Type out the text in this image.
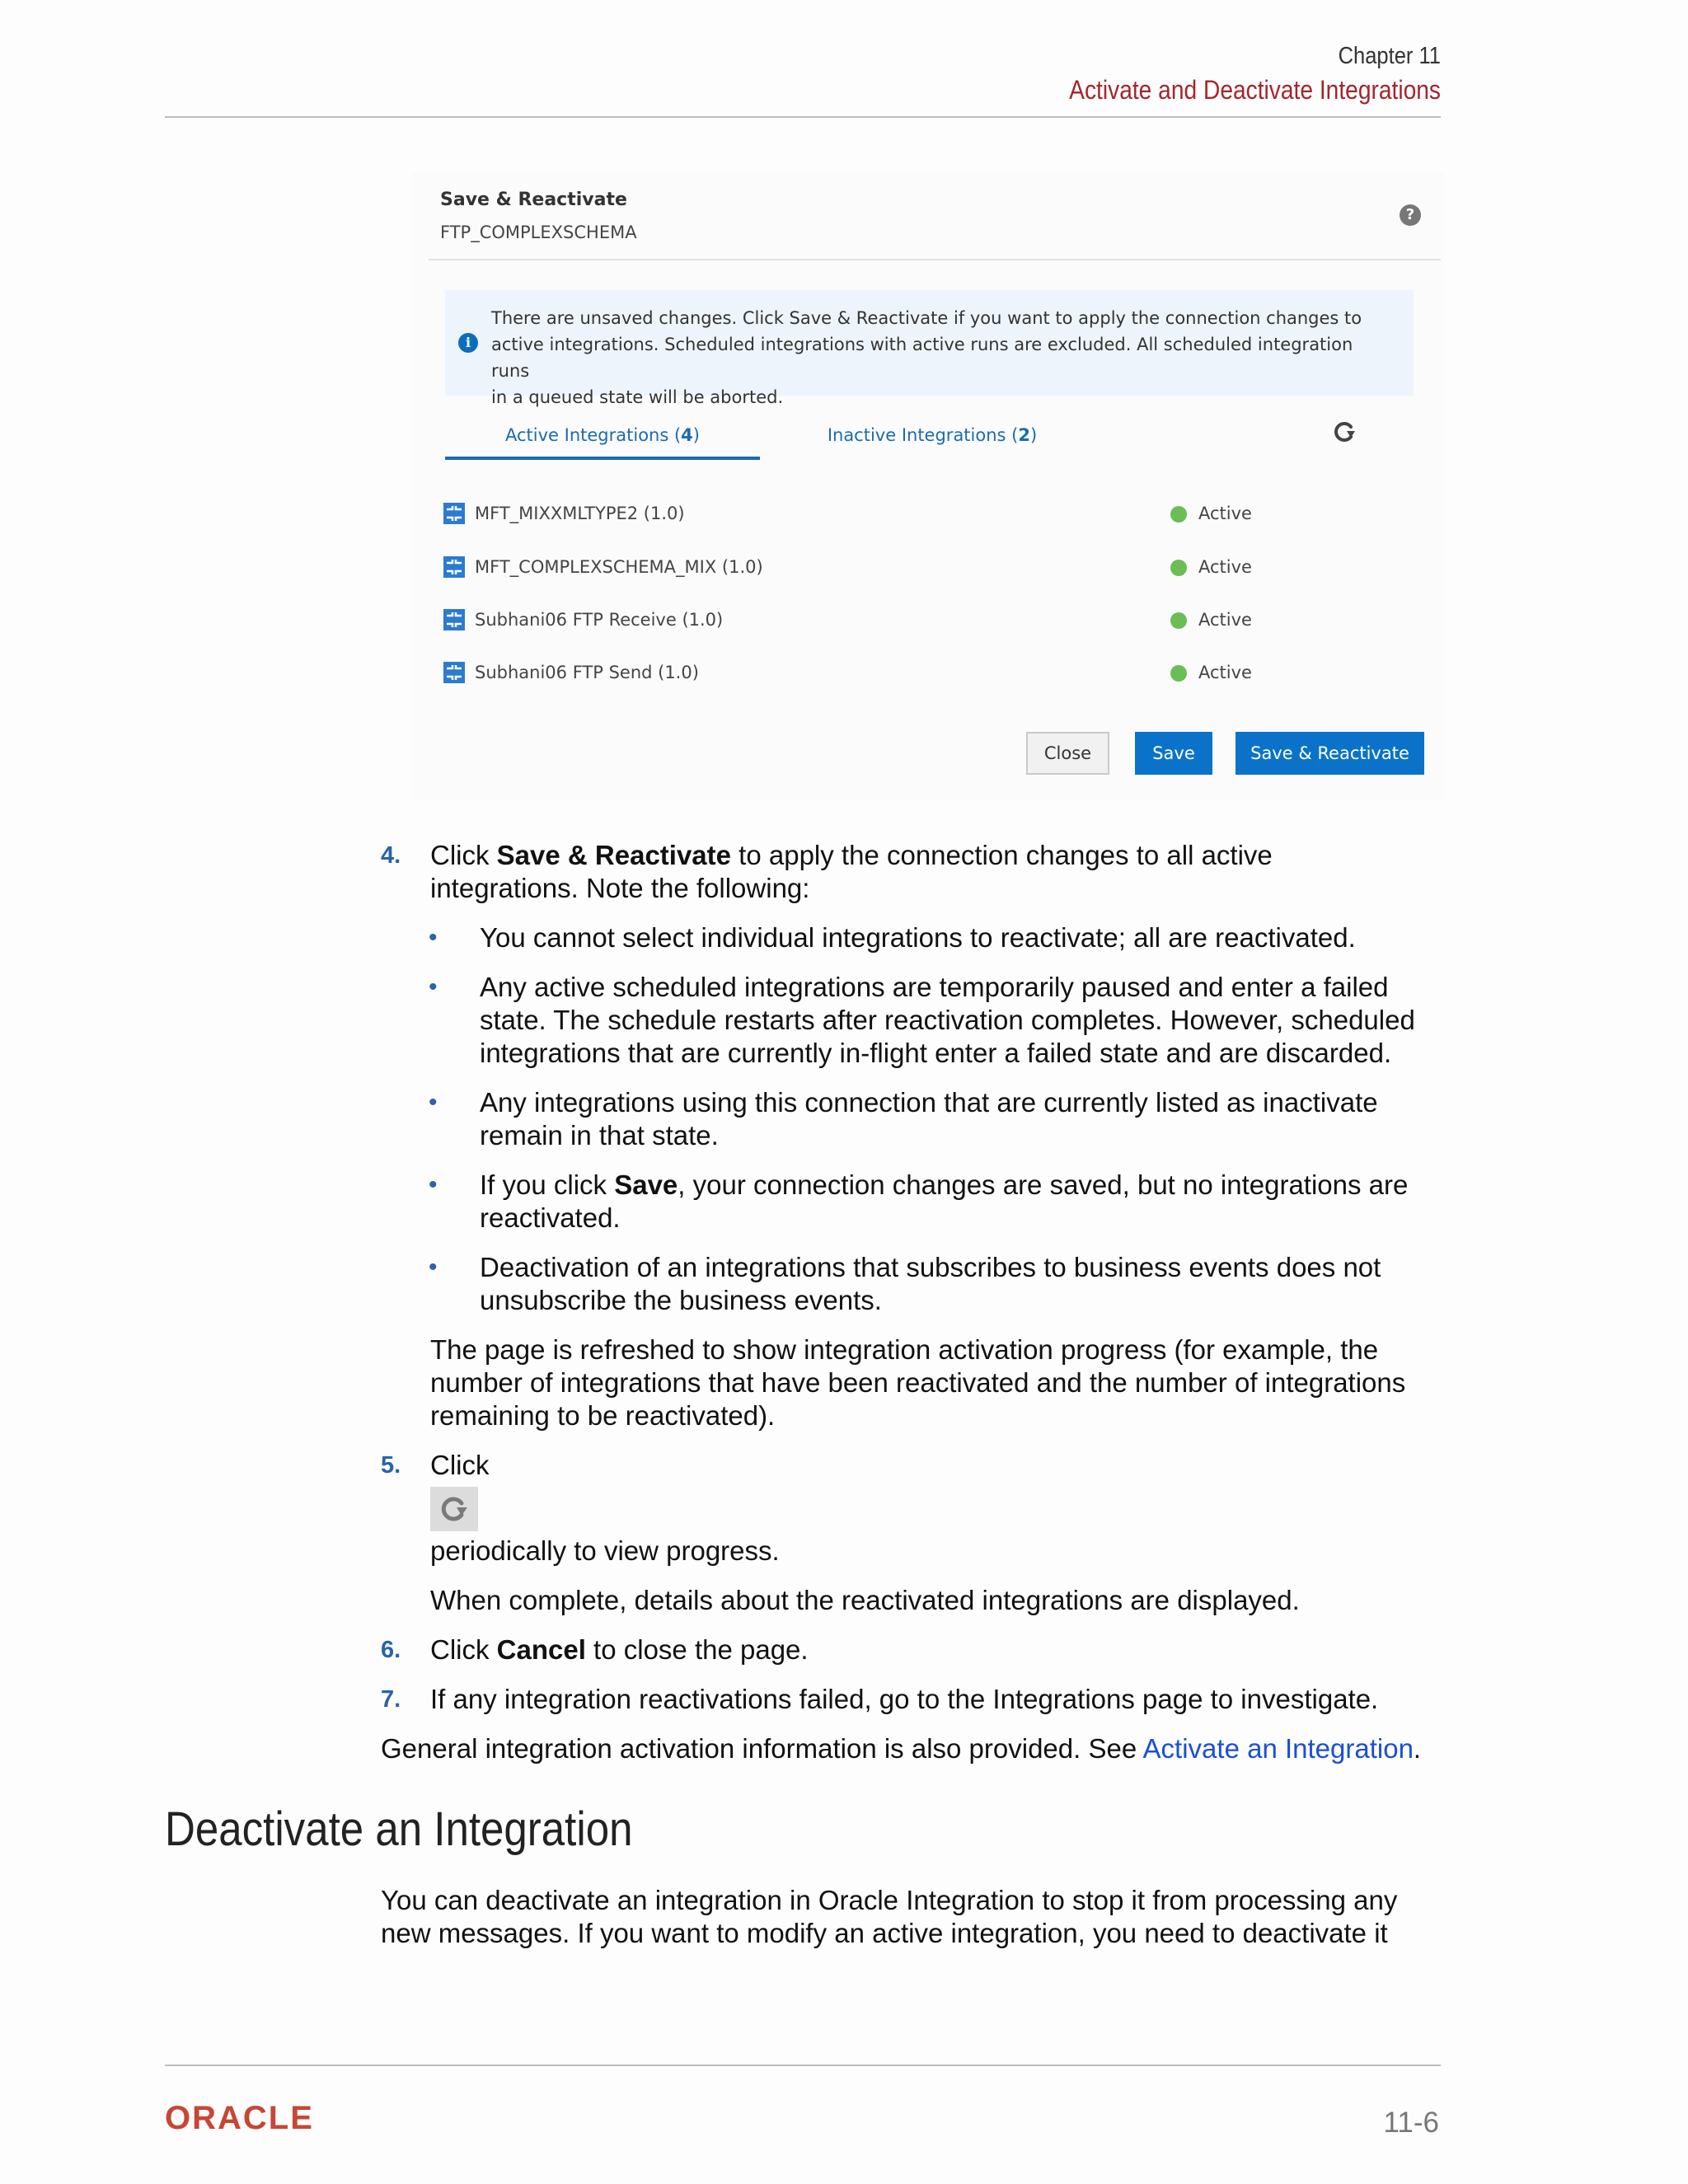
Chapter 11
Activate and Deactivate Integrations
Save & Reactivate
FTP_COMPLEXSCHEMA
?
i
There are unsaved changes. Click Save & Reactivate if you want to apply the connection changes to
active integrations. Scheduled integrations with active runs are excluded. All scheduled integration runs
in a queued state will be aborted.
Active Integrations (4)	Inactive Integrations (2)
MFT_MIXXMLTYPE2 (1.0)	Active
MFT_COMPLEXSCHEMA_MIX (1.0)	Active
Subhani06 FTP Receive (1.0)	Active
Subhani06 FTP Send (1.0)	Active
Close	Save	Save & Reactivate
4. Click Save & Reactivate to apply the connection changes to all active
integrations. Note the following:
• You cannot select individual integrations to reactivate; all are reactivated.
• Any active scheduled integrations are temporarily paused and enter a failed
state. The schedule restarts after reactivation completes. However, scheduled
integrations that are currently in-flight enter a failed state and are discarded.
• Any integrations using this connection that are currently listed as inactivate
remain in that state.
• If you click Save, your connection changes are saved, but no integrations are
reactivated.
• Deactivation of an integrations that subscribes to business events does not
unsubscribe the business events.
The page is refreshed to show integration activation progress (for example, the
number of integrations that have been reactivated and the number of integrations
remaining to be reactivated).
5. Click
periodically to view progress.
When complete, details about the reactivated integrations are displayed.
6. Click Cancel to close the page.
7. If any integration reactivations failed, go to the Integrations page to investigate.
General integration activation information is also provided. See Activate an Integration.
Deactivate an Integration
You can deactivate an integration in Oracle Integration to stop it from processing any
new messages. If you want to modify an active integration, you need to deactivate it
ORACLE	11-6
